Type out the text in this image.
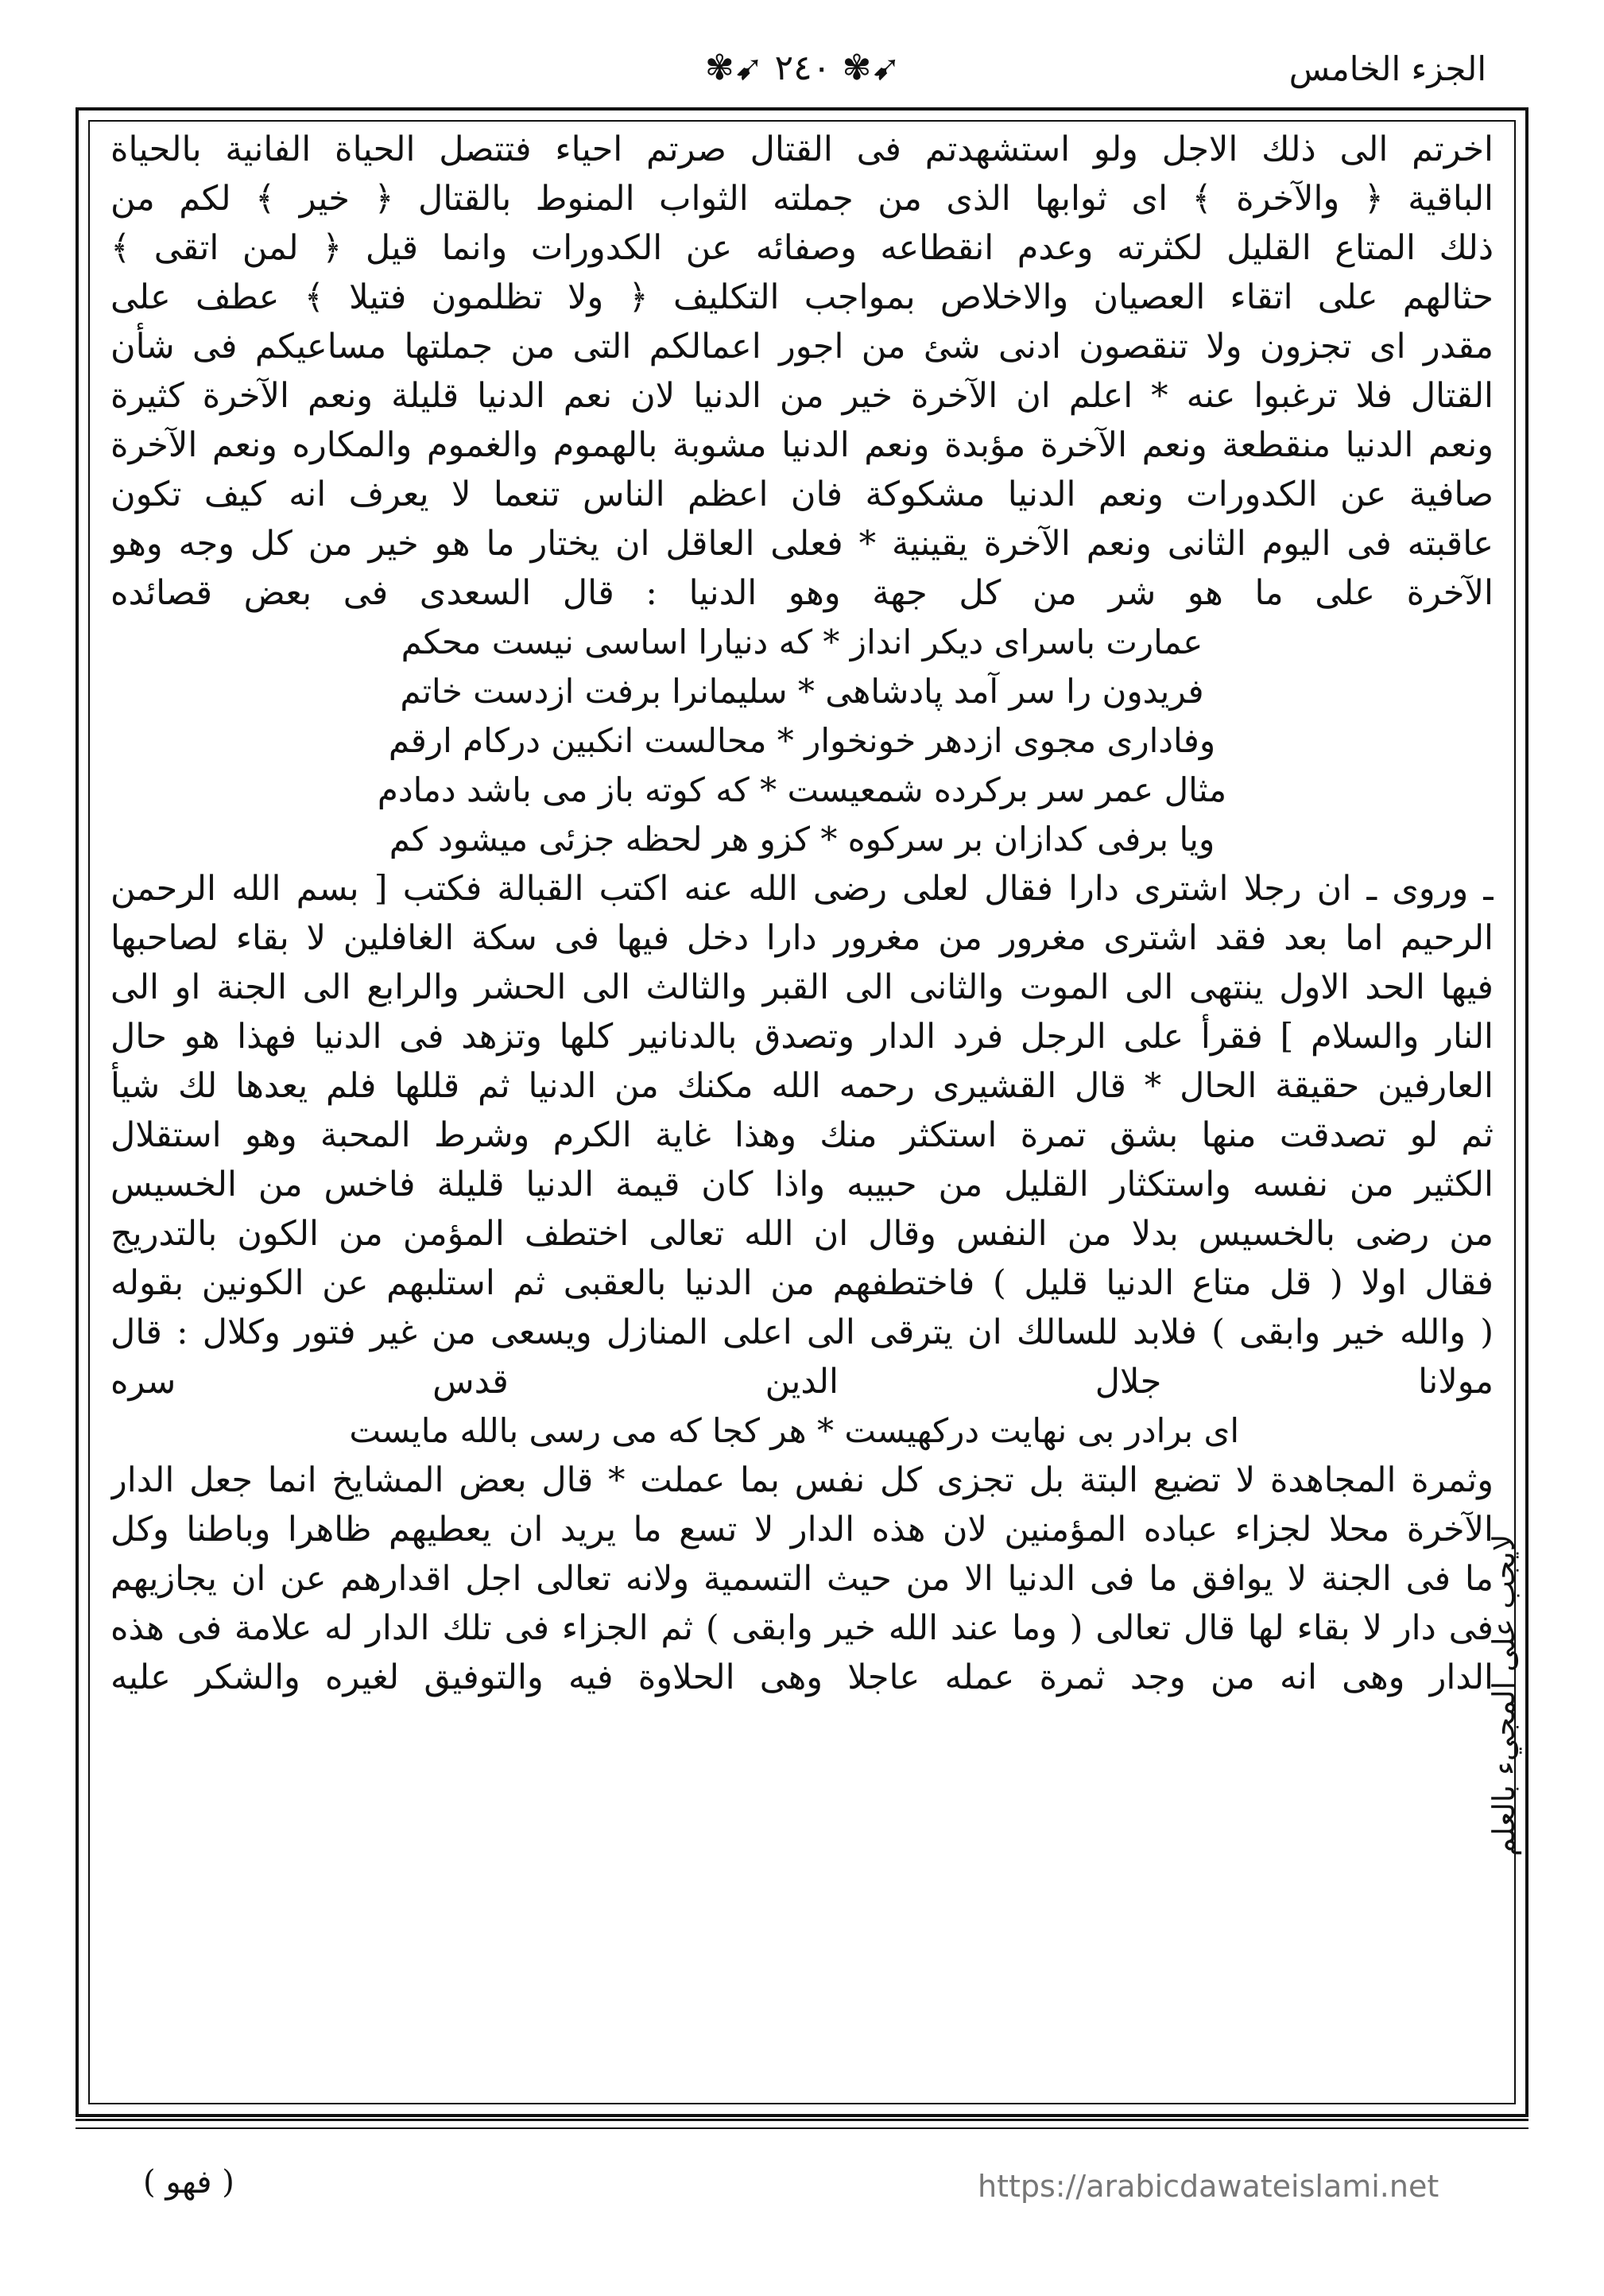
✾➹ ٢٤٠ ✾➹	الجزء الخامس
اخرتم الى ذلك الاجل ولو استشهدتم فى القتال صرتم احياء فتتصل الحياة الفانية بالحياة
الباقية ﴿ والآخرة ﴾ اى ثوابها الذى من جملته الثواب المنوط بالقتال ﴿ خير ﴾ لكم من
ذلك المتاع القليل لكثرته وعدم انقطاعه وصفائه عن الكدورات وانما قيل ﴿ لمن اتقى ﴾
حثالهم على اتقاء العصيان والاخلاص بمواجب التكليف ﴿ ولا تظلمون فتيلا ﴾ عطف على
مقدر اى تجزون ولا تنقصون ادنى شئ من اجور اعمالكم التى من جملتها مساعيكم فى شأن
القتال فلا ترغبوا عنه * اعلم ان الآخرة خير من الدنيا لان نعم الدنيا قليلة ونعم الآخرة كثيرة
ونعم الدنيا منقطعة ونعم الآخرة مؤبدة ونعم الدنيا مشوبة بالهموم والغموم والمكاره ونعم الآخرة
صافية عن الكدورات ونعم الدنيا مشكوكة فان اعظم الناس تنعما لا يعرف انه كيف تكون
عاقبته فى اليوم الثانى ونعم الآخرة يقينية * فعلى العاقل ان يختار ما هو خير من كل وجه وهو
الآخرة على ما هو شر من كل جهة وهو الدنيا : قال السعدى فى بعض قصائده
عمارت باسراى ديكر انداز * كه دنيارا اساسى نيست محكم
فريدون را سر آمد پادشاهى * سليمانرا برفت ازدست خاتم
وفادارى مجوى ازدهر خونخوار * محالست انكبين دركام ارقم
مثال عمر سر بركرده شمعيست * كه كوته باز مى باشد دمادم
ويا برفى كدازان بر سركوه * كزو هر لحظه جزئى ميشود كم
ـ وروى ـ ان رجلا اشترى دارا فقال لعلى رضى الله عنه اكتب القبالة فكتب [ بسم الله الرحمن
الرحيم اما بعد فقد اشترى مغرور من مغرور دارا دخل فيها فى سكة الغافلين لا بقاء لصاحبها
فيها الحد الاول ينتهى الى الموت والثانى الى القبر والثالث الى الحشر والرابع الى الجنة او الى
النار والسلام ] فقرأ على الرجل فرد الدار وتصدق بالدنانير كلها وتزهد فى الدنيا فهذا هو حال
العارفين حقيقة الحال * قال القشيرى رحمه الله مكنك من الدنيا ثم قللها فلم يعدها لك شيأ
ثم لو تصدقت منها بشق تمرة استكثر منك وهذا غاية الكرم وشرط المحبة وهو استقلال
الكثير من نفسه واستكثار القليل من حبيبه واذا كان قيمة الدنيا قليلة فاخس من الخسيس
من رضى بالخسيس بدلا من النفس وقال ان الله تعالى اختطف المؤمن من الكون بالتدريج
فقال اولا ( قل متاع الدنيا قليل ) فاختطفهم من الدنيا بالعقبى ثم استلبهم عن الكونين بقوله
( والله خير وابقى ) فلابد للسالك ان يترقى الى اعلى المنازل ويسعى من غير فتور وكلال : قال
مولانا جلال الدين قدس سره
اى برادر بى نهايت دركهيست * هر كجا كه مى رسى بالله مايست
وثمرة المجاهدة لا تضيع البتة بل تجزى كل نفس بما عملت * قال بعض المشايخ انما جعل الدار
الآخرة محلا لجزاء عباده المؤمنين لان هذه الدار لا تسع ما يريد ان يعطيهم ظاهرا وباطنا وكل
ما فى الجنة لا يوافق ما فى الدنيا الا من حيث التسمية ولانه تعالى اجل اقدارهم عن ان يجازيهم
فى دار لا بقاء لها قال تعالى ( وما عند الله خير وابقى ) ثم الجزاء فى تلك الدار له علامة فى هذه
الدار وهى انه من وجد ثمرة عمله عاجلا وهى الحلاوة فيه والتوفيق لغيره والشكر عليه
لايجب على المجيء بالعلم
( فهو )	https://arabicdawateislami.net
